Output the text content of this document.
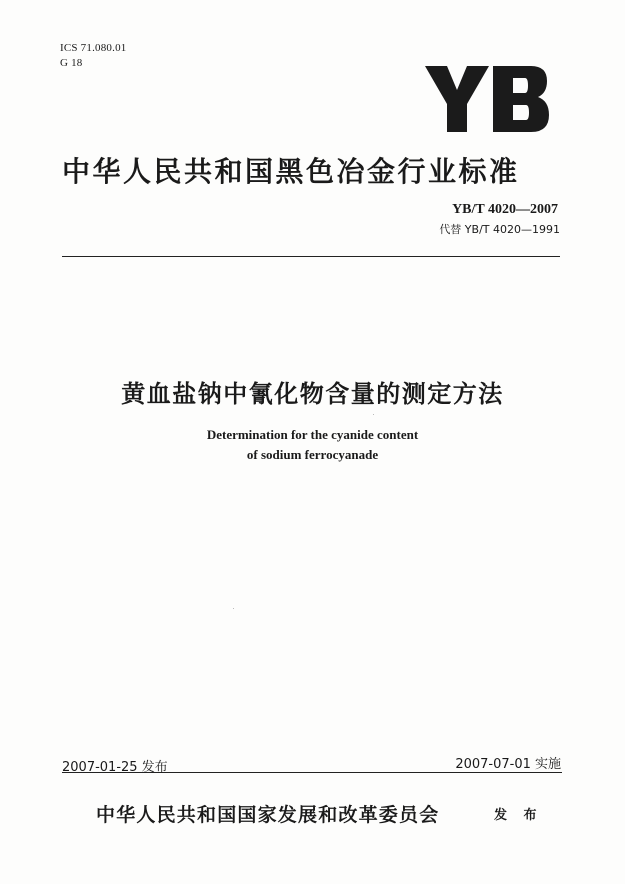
ICS 71.080.01
G 18
中华人民共和国黑色冶金行业标准
YB/T 4020—2007
代替 YB/T 4020—1991
黄血盐钠中氰化物含量的测定方法
Determination for the cyanide content
of sodium ferrocyanade
2007-01-25 发布	2007-07-01 实施
中华人民共和国国家发展和改革委员会	发 布
